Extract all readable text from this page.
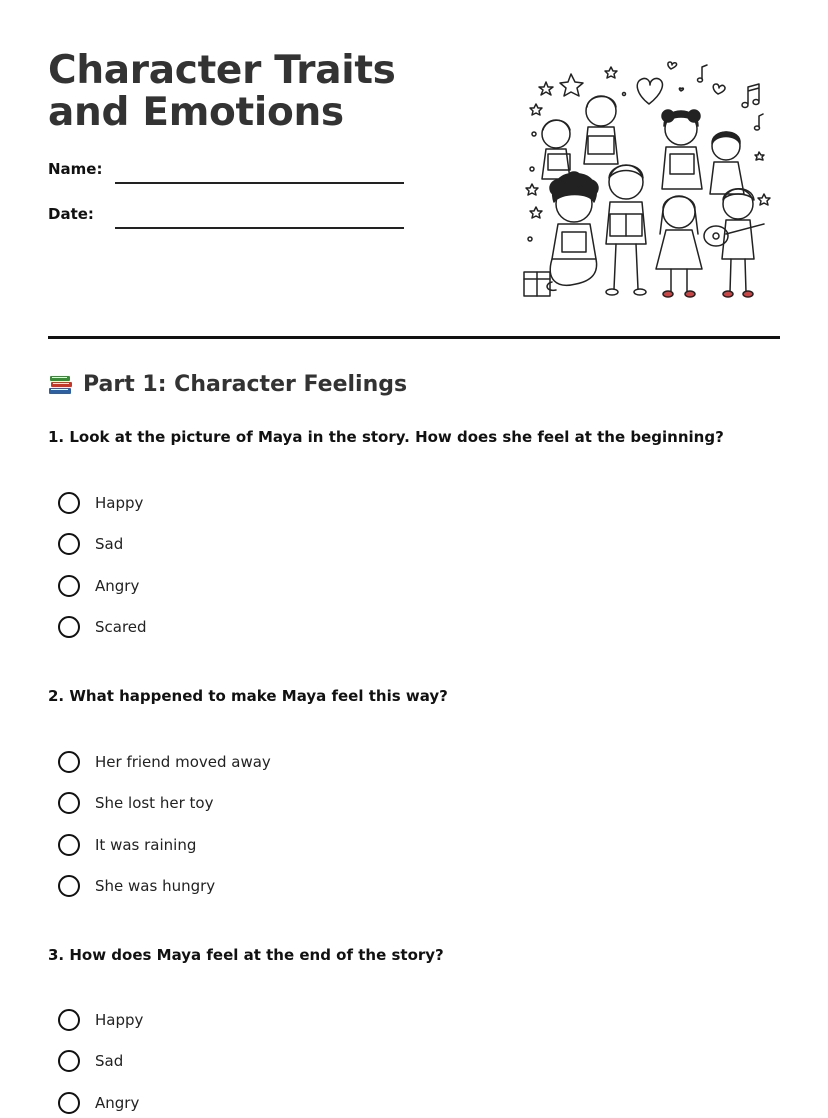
Character Traits and Emotions
Name:
Date:
Part 1: Character Feelings
1. Look at the picture of Maya in the story. How does she feel at the beginning?
Happy
Sad
Angry
Scared
2. What happened to make Maya feel this way?
Her friend moved away
She lost her toy
It was raining
She was hungry
3. How does Maya feel at the end of the story?
Happy
Sad
Angry
